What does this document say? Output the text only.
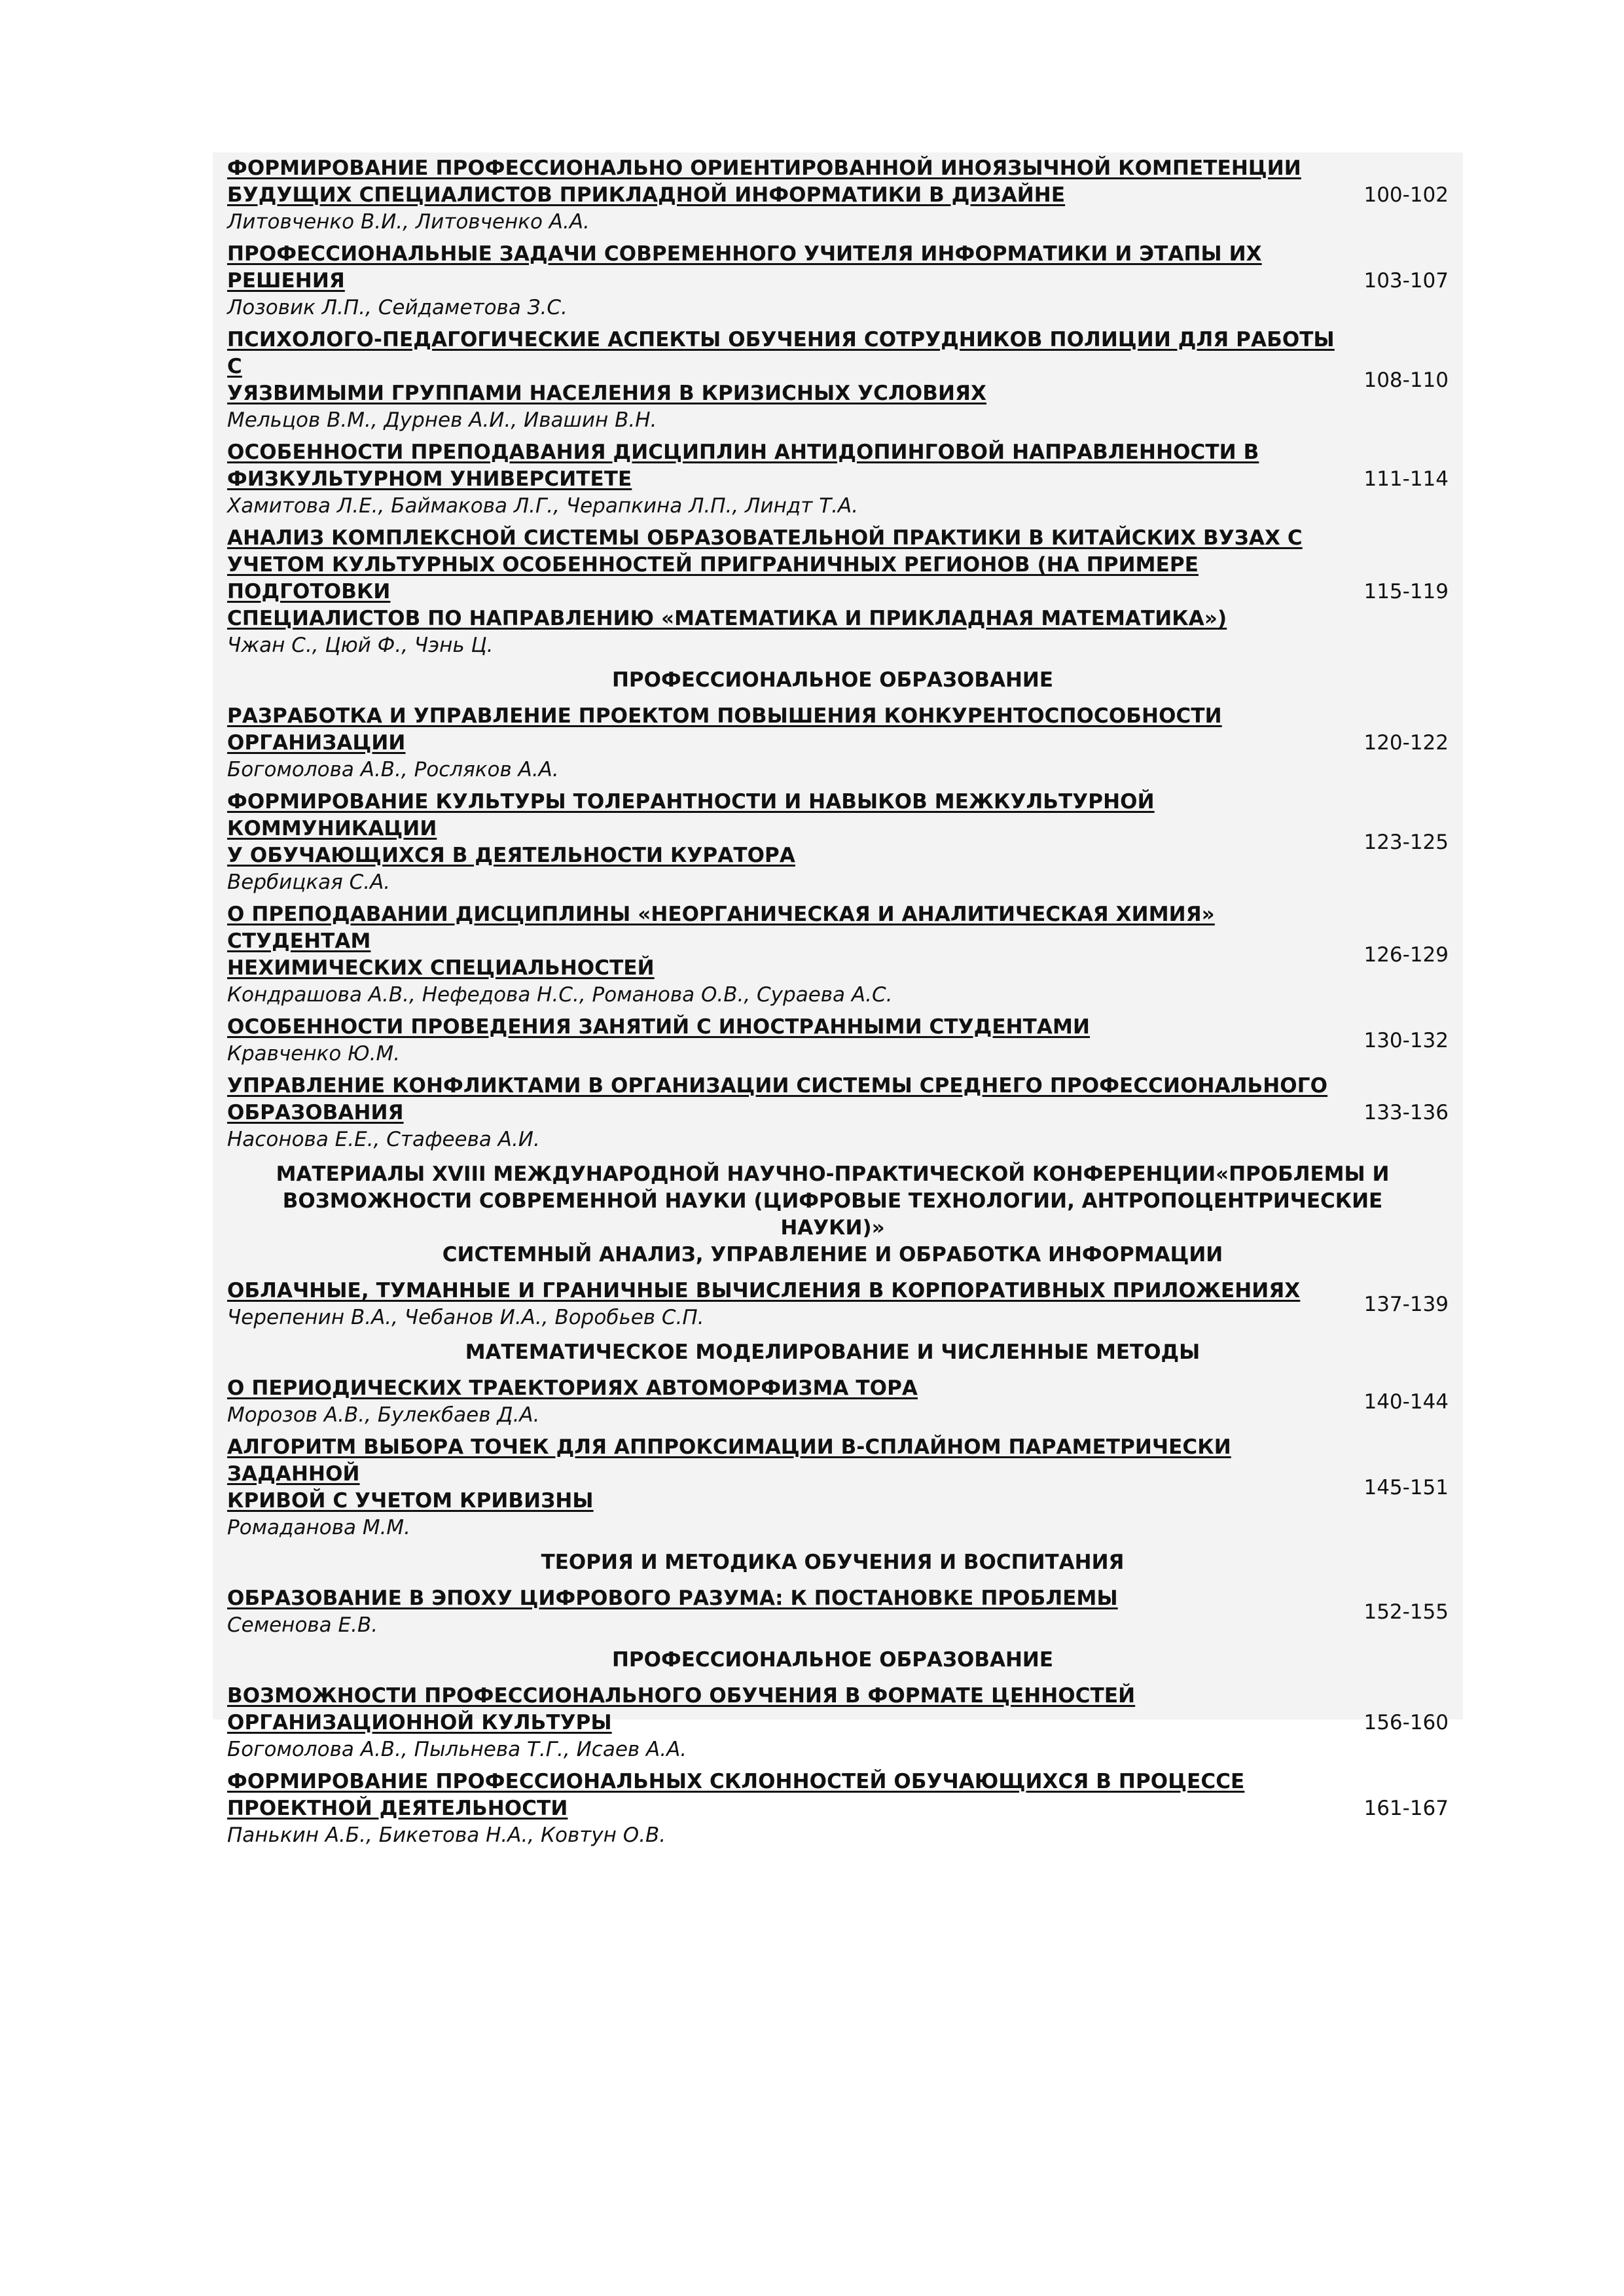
ФОРМИРОВАНИЕ ПРОФЕССИОНАЛЬНО ОРИЕНТИРОВАННОЙ ИНОЯЗЫЧНОЙ КОМПЕТЕНЦИИ
БУДУЩИХ СПЕЦИАЛИСТОВ ПРИКЛАДНОЙ ИНФОРМАТИКИ В ДИЗАЙНЕ
Литовченко В.И., Литовченко А.А.
100-102
ПРОФЕССИОНАЛЬНЫЕ ЗАДАЧИ СОВРЕМЕННОГО УЧИТЕЛЯ ИНФОРМАТИКИ И ЭТАПЫ ИХ
РЕШЕНИЯ
Лозовик Л.П., Сейдаметова З.С.
103-107
ПСИХОЛОГО-ПЕДАГОГИЧЕСКИЕ АСПЕКТЫ ОБУЧЕНИЯ СОТРУДНИКОВ ПОЛИЦИИ ДЛЯ РАБОТЫ С
УЯЗВИМЫМИ ГРУППАМИ НАСЕЛЕНИЯ В КРИЗИСНЫХ УСЛОВИЯХ
Мельцов В.М., Дурнев А.И., Ивашин В.Н.
108-110
ОСОБЕННОСТИ ПРЕПОДАВАНИЯ ДИСЦИПЛИН АНТИДОПИНГОВОЙ НАПРАВЛЕННОСТИ В
ФИЗКУЛЬТУРНОМ УНИВЕРСИТЕТЕ
Хамитова Л.Е., Баймакова Л.Г., Черапкина Л.П., Линдт Т.А.
111-114
АНАЛИЗ КОМПЛЕКСНОЙ СИСТЕМЫ ОБРАЗОВАТЕЛЬНОЙ ПРАКТИКИ В КИТАЙСКИХ ВУЗАХ С
УЧЕТОМ КУЛЬТУРНЫХ ОСОБЕННОСТЕЙ ПРИГРАНИЧНЫХ РЕГИОНОВ (НА ПРИМЕРЕ ПОДГОТОВКИ
СПЕЦИАЛИСТОВ ПО НАПРАВЛЕНИЮ «МАТЕМАТИКА И ПРИКЛАДНАЯ МАТЕМАТИКА»)
Чжан С., Цюй Ф., Чэнь Ц.
115-119
ПРОФЕССИОНАЛЬНОЕ ОБРАЗОВАНИЕ
РАЗРАБОТКА И УПРАВЛЕНИЕ ПРОЕКТОМ ПОВЫШЕНИЯ КОНКУРЕНТОСПОСОБНОСТИ
ОРГАНИЗАЦИИ
Богомолова А.В., Росляков А.А.
120-122
ФОРМИРОВАНИЕ КУЛЬТУРЫ ТОЛЕРАНТНОСТИ И НАВЫКОВ МЕЖКУЛЬТУРНОЙ КОММУНИКАЦИИ
У ОБУЧАЮЩИХСЯ В ДЕЯТЕЛЬНОСТИ КУРАТОРА
Вербицкая С.А.
123-125
О ПРЕПОДАВАНИИ ДИСЦИПЛИНЫ «НЕОРГАНИЧЕСКАЯ И АНАЛИТИЧЕСКАЯ ХИМИЯ» СТУДЕНТАМ
НЕХИМИЧЕСКИХ СПЕЦИАЛЬНОСТЕЙ
Кондрашова А.В., Нефедова Н.С., Романова О.В., Сураева А.С.
126-129
ОСОБЕННОСТИ ПРОВЕДЕНИЯ ЗАНЯТИЙ С ИНОСТРАННЫМИ СТУДЕНТАМИ
Кравченко Ю.М.
130-132
УПРАВЛЕНИЕ КОНФЛИКТАМИ В ОРГАНИЗАЦИИ СИСТЕМЫ СРЕДНЕГО ПРОФЕССИОНАЛЬНОГО
ОБРАЗОВАНИЯ
Насонова Е.Е., Стафеева А.И.
133-136
МАТЕРИАЛЫ XVIII МЕЖДУНАРОДНОЙ НАУЧНО-ПРАКТИЧЕСКОЙ КОНФЕРЕНЦИИ«ПРОБЛЕМЫ И
ВОЗМОЖНОСТИ СОВРЕМЕННОЙ НАУКИ (ЦИФРОВЫЕ ТЕХНОЛОГИИ, АНТРОПОЦЕНТРИЧЕСКИЕ НАУКИ)»
СИСТЕМНЫЙ АНАЛИЗ, УПРАВЛЕНИЕ И ОБРАБОТКА ИНФОРМАЦИИ
ОБЛАЧНЫЕ, ТУМАННЫЕ И ГРАНИЧНЫЕ ВЫЧИСЛЕНИЯ В КОРПОРАТИВНЫХ ПРИЛОЖЕНИЯХ
Черепенин В.А., Чебанов И.А., Воробьев С.П.
137-139
МАТЕМАТИЧЕСКОЕ МОДЕЛИРОВАНИЕ И ЧИСЛЕННЫЕ МЕТОДЫ
О ПЕРИОДИЧЕСКИХ ТРАЕКТОРИЯХ АВТОМОРФИЗМА ТОРА
Морозов А.В., Булекбаев Д.А.
140-144
АЛГОРИТМ ВЫБОРА ТОЧЕК ДЛЯ АППРОКСИМАЦИИ B-СПЛАЙНОМ ПАРАМЕТРИЧЕСКИ ЗАДАННОЙ
КРИВОЙ С УЧЕТОМ КРИВИЗНЫ
Ромаданова М.М.
145-151
ТЕОРИЯ И МЕТОДИКА ОБУЧЕНИЯ И ВОСПИТАНИЯ
ОБРАЗОВАНИЕ В ЭПОХУ ЦИФРОВОГО РАЗУМА: К ПОСТАНОВКЕ ПРОБЛЕМЫ
Семенова Е.В.
152-155
ПРОФЕССИОНАЛЬНОЕ ОБРАЗОВАНИЕ
ВОЗМОЖНОСТИ ПРОФЕССИОНАЛЬНОГО ОБУЧЕНИЯ В ФОРМАТЕ ЦЕННОСТЕЙ
ОРГАНИЗАЦИОННОЙ КУЛЬТУРЫ
Богомолова А.В., Пыльнева Т.Г., Исаев А.А.
156-160
ФОРМИРОВАНИЕ ПРОФЕССИОНАЛЬНЫХ СКЛОННОСТЕЙ ОБУЧАЮЩИХСЯ В ПРОЦЕССЕ
ПРОЕКТНОЙ ДЕЯТЕЛЬНОСТИ
Панькин А.Б., Бикетова Н.А., Ковтун О.В.
161-167
